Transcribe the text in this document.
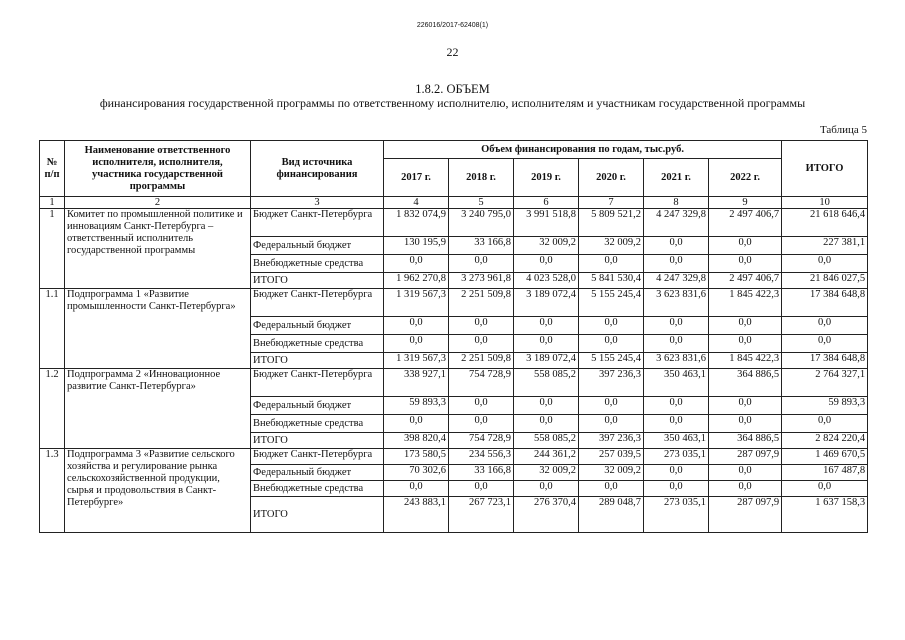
226016/2017-62408(1)
22
1.8.2. ОБЪЕМ
финансирования государственной программы по ответственному исполнителю, исполнителям и участникам государственной программы
Таблица 5
№ п/п	Наименование ответственного исполнителя, исполнителя, участника государственной программы	Вид источника финансирования	Объем финансирования по годам, тыс.руб.						ИТОГО
			2017 г.	2018 г.	2019 г.	2020 г.	2021 г.	2022 г.	
1	2	3	4	5	6	7	8	9	10
1	Комитет по промышленной политике и инновациям Санкт-Петербурга – ответственный исполнитель государственной программы	Бюджет Санкт-Петербурга	1 832 074,9	3 240 795,0	3 991 518,8	5 809 521,2	4 247 329,8	2 497 406,7	21 618 646,4
		Федеральный бюджет	130 195,9	33 166,8	32 009,2	32 009,2	0,0	0,0	227 381,1
		Внебюджетные средства	0,0	0,0	0,0	0,0	0,0	0,0	0,0
		ИТОГО	1 962 270,8	3 273 961,8	4 023 528,0	5 841 530,4	4 247 329,8	2 497 406,7	21 846 027,5
1.1	Подпрограмма 1 «Развитие промышленности Санкт-Петербурга»	Бюджет Санкт-Петербурга	1 319 567,3	2 251 509,8	3 189 072,4	5 155 245,4	3 623 831,6	1 845 422,3	17 384 648,8
		Федеральный бюджет	0,0	0,0	0,0	0,0	0,0	0,0	0,0
		Внебюджетные средства	0,0	0,0	0,0	0,0	0,0	0,0	0,0
		ИТОГО	1 319 567,3	2 251 509,8	3 189 072,4	5 155 245,4	3 623 831,6	1 845 422,3	17 384 648,8
1.2	Подпрограмма 2 «Инновационное развитие Санкт-Петербурга»	Бюджет Санкт-Петербурга	338 927,1	754 728,9	558 085,2	397 236,3	350 463,1	364 886,5	2 764 327,1
		Федеральный бюджет	59 893,3	0,0	0,0	0,0	0,0	0,0	59 893,3
		Внебюджетные средства	0,0	0,0	0,0	0,0	0,0	0,0	0,0
		ИТОГО	398 820,4	754 728,9	558 085,2	397 236,3	350 463,1	364 886,5	2 824 220,4
1.3	Подпрограмма 3 «Развитие сельского хозяйства и регулирование рынка сельскохозяйственной продукции, сырья и продовольствия в Санкт-Петербурге»	Бюджет Санкт-Петербурга	173 580,5	234 556,3	244 361,2	257 039,5	273 035,1	287 097,9	1 469 670,5
		Федеральный бюджет	70 302,6	33 166,8	32 009,2	32 009,2	0,0	0,0	167 487,8
		Внебюджетные средства	0,0	0,0	0,0	0,0	0,0	0,0	0,0
		ИТОГО	243 883,1	267 723,1	276 370,4	289 048,7	273 035,1	287 097,9	1 637 158,3
